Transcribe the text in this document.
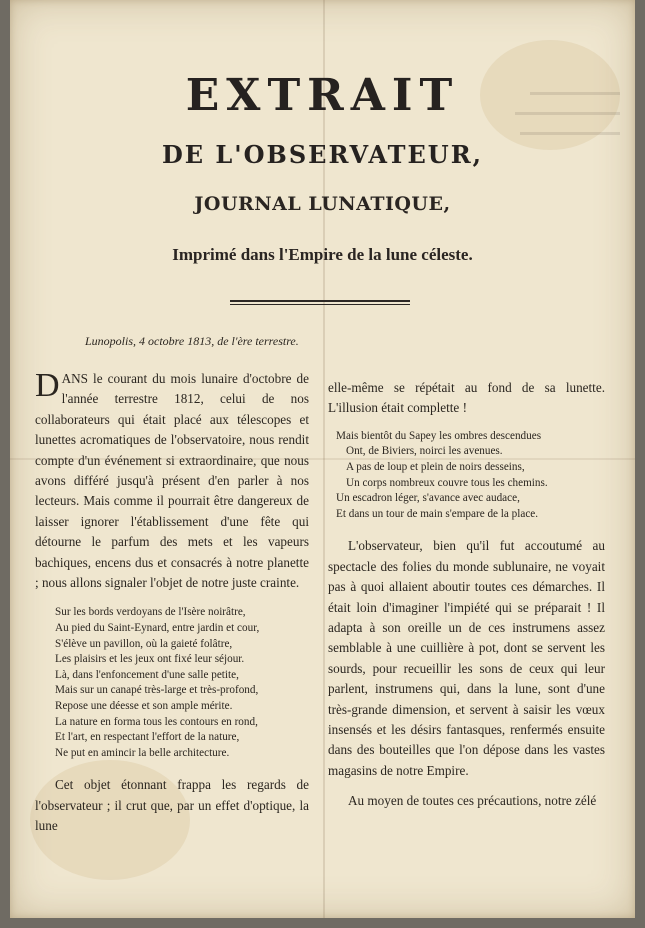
EXTRAIT
DE L'OBSERVATEUR,
JOURNAL LUNATIQUE,
Imprimé dans l'Empire de la lune céleste.
Lunopolis, 4 octobre 1813, de l'ère terrestre.

DANS le courant du mois lunaire d'octobre de l'année terrestre 1812, celui de nos collaborateurs qui était placé aux télescopes et lunettes acromatiques de l'observatoire, nous rendit compte d'un événement si extraordinaire, que nous avons différé jusqu'à présent d'en parler à nos lecteurs. Mais comme il pourrait être dangereux de laisser ignorer l'établissement d'une fête qui détourne le parfum des mets et les vapeurs bachiques, encens dus et consacrés à notre planette ; nous allons signaler l'objet de notre juste crainte.

Sur les bords verdoyans de l'Isère noirâtre,
Au pied du Saint-Eynard, entre jardin et cour,
S'élève un pavillon, où la gaieté folâtre,
Les plaisirs et les jeux ont fixé leur séjour.
Là, dans l'enfoncement d'une salle petite,
Mais sur un canapé très-large et très-profond,
Repose une déesse et son ample mérite.
La nature en forma tous les contours en rond,
Et l'art, en respectant l'effort de la nature,
Ne put en amincir la belle architecture.

Cet objet étonnant frappa les regards de l'observateur ; il crut que, par un effet d'optique, la lune

elle-même se répétait au fond de sa lunette. L'illusion était complette !

Mais bientôt du Sapey les ombres descendues
Ont, de Biviers, noirci les avenues.
A pas de loup et plein de noirs desseins,
Un corps nombreux couvre tous les chemins.
Un escadron léger, s'avance avec audace,
Et dans un tour de main s'empare de la place.

L'observateur, bien qu'il fut accoutumé au spectacle des folies du monde sublunaire, ne voyait pas à quoi allaient aboutir toutes ces démarches. Il était loin d'imaginer l'impiété qui se préparait ! Il adapta à son oreille un de ces instrumens assez semblable à une cuillière à pot, dont se servent les sourds, pour recueillir les sons de ceux qui leur parlent, instrumens qui, dans la lune, sont d'une très-grande dimension, et servent à saisir les vœux insensés et les désirs fantasques, renfermés ensuite dans des bouteilles que l'on dépose dans les vastes magasins de notre Empire.

Au moyen de toutes ces précautions, notre zélé
